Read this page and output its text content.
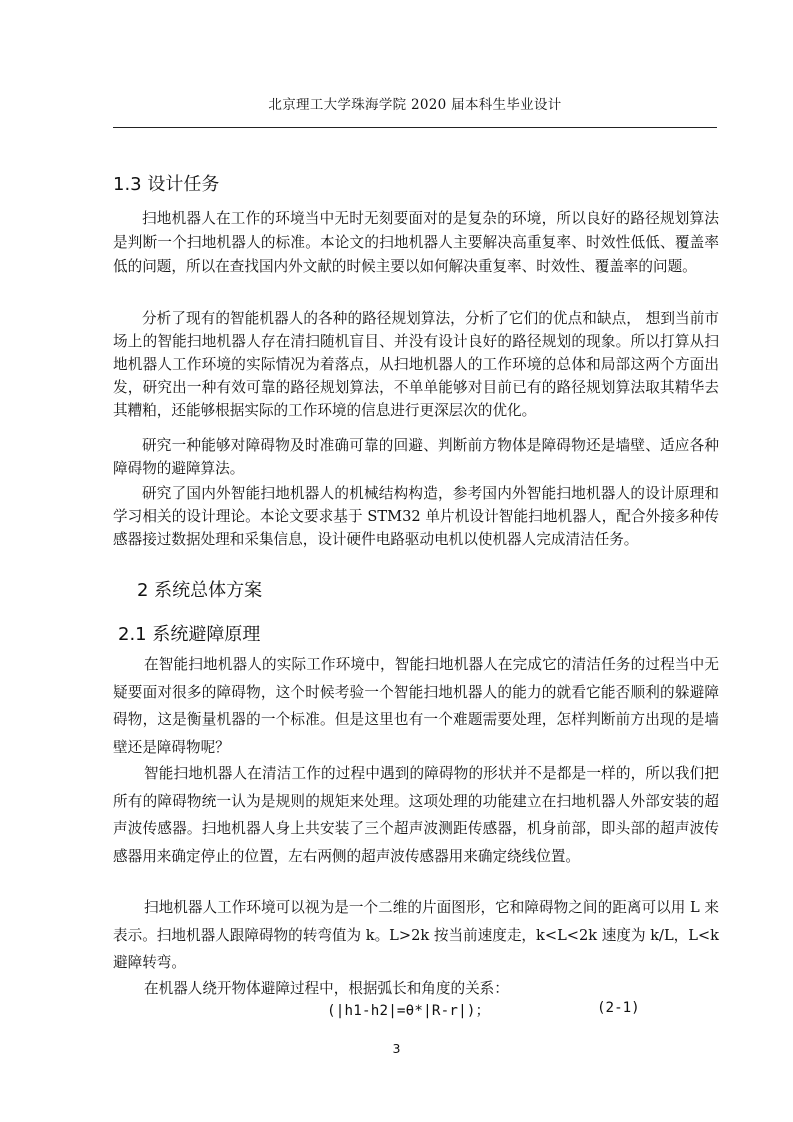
北京理工大学珠海学院 2020 届本科生毕业设计
1.3 设计任务

扫地机器人在工作的环境当中无时无刻要面对的是复杂的环境，所以良好的路径规划算法是判断一个扫地机器人的标准。本论文的扫地机器人主要解决高重复率、时效性低低、覆盖率低的问题，所以在查找国内外文献的时候主要以如何解决重复率、时效性、覆盖率的问题。

分析了现有的智能机器人的各种的路径规划算法，分析了它们的优点和缺点， 想到当前市场上的智能扫地机器人存在清扫随机盲目、并没有设计良好的路径规划的现象。所以打算从扫地机器人工作环境的实际情况为着落点，从扫地机器人的工作环境的总体和局部这两个方面出发，研究出一种有效可靠的路径规划算法，不单单能够对目前已有的路径规划算法取其精华去其糟粕，还能够根据实际的工作环境的信息进行更深层次的优化。

研究一种能够对障碍物及时准确可靠的回避、判断前方物体是障碍物还是墙壁、适应各种障碍物的避障算法。

研究了国内外智能扫地机器人的机械结构构造，参考国内外智能扫地机器人的设计原理和学习相关的设计理论。本论文要求基于 STM32 单片机设计智能扫地机器人，配合外接多种传感器接过数据处理和采集信息，设计硬件电路驱动电机以使机器人完成清洁任务。

2 系统总体方案
2.1 系统避障原理

在智能扫地机器人的实际工作环境中，智能扫地机器人在完成它的清洁任务的过程当中无疑要面对很多的障碍物，这个时候考验一个智能扫地机器人的能力的就看它能否顺利的躲避障碍物，这是衡量机器的一个标准。但是这里也有一个难题需要处理，怎样判断前方出现的是墙壁还是障碍物呢？

智能扫地机器人在清洁工作的过程中遇到的障碍物的形状并不是都是一样的，所以我们把所有的障碍物统一认为是规则的规矩来处理。这项处理的功能建立在扫地机器人外部安装的超声波传感器。扫地机器人身上共安装了三个超声波测距传感器，机身前部，即头部的超声波传感器用来确定停止的位置，左右两侧的超声波传感器用来确定绕线位置。

扫地机器人工作环境可以视为是一个二维的片面图形，它和障碍物之间的距离可以用 L 来表示。扫地机器人跟障碍物的转弯值为 k。L>2k 按当前速度走，k<L<2k 速度为 k/L，L<k 避障转弯。

在机器人绕开物体避障过程中，根据弧长和角度的关系：

(|h1-h2|=θ*|R-r|)；	(2-1)
3
